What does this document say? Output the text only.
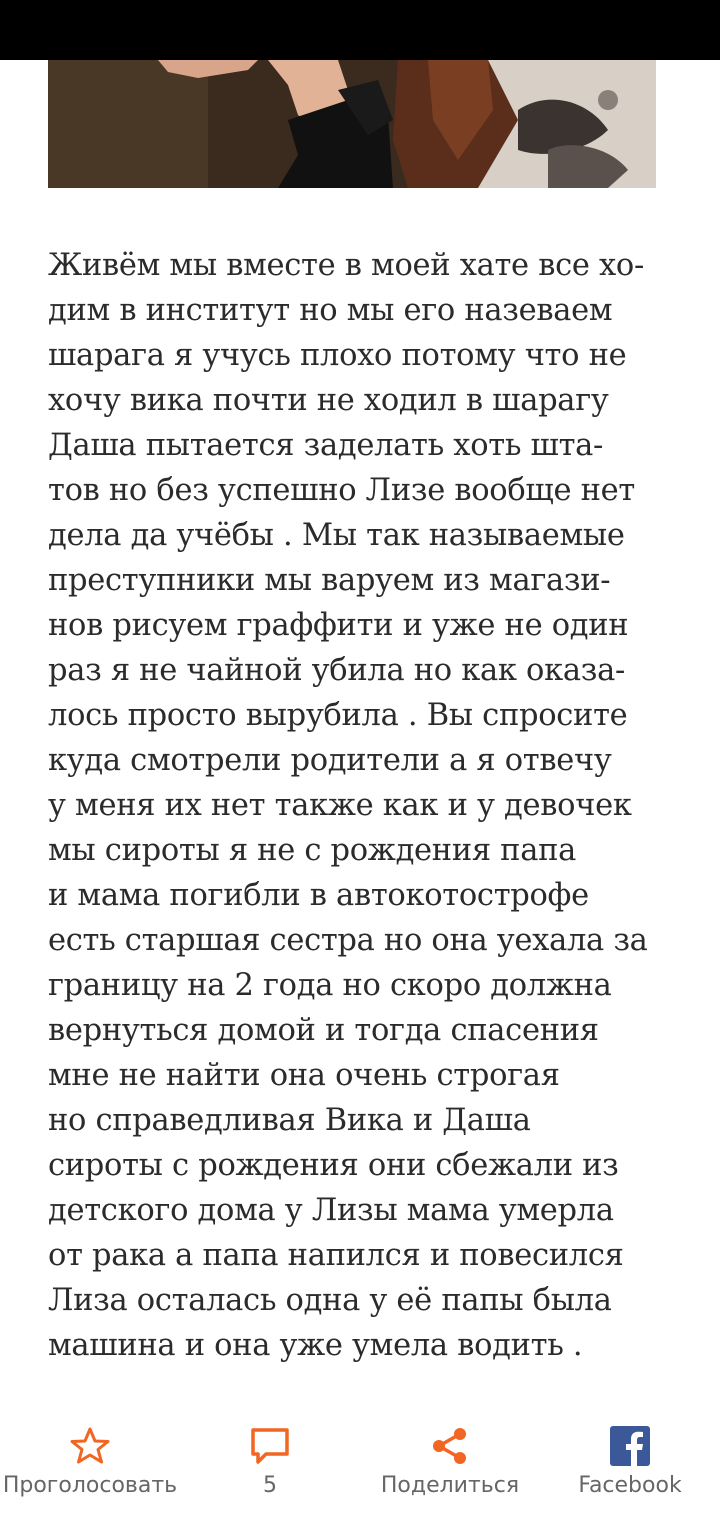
Живём мы вместе в моей хате все хо-
дим в институт но мы его назеваем
шарага я учусь плохо потому что не
хочу вика почти не ходил в шарагу
Даша пытается заделать хоть шта-
тов но без успешно Лизе вообще нет
дела да учёбы . Мы так называемые
преступники мы варуем из магази-
нов рисуем граффити и уже не один
раз я не чайной убила но как оказа-
лось просто вырубила . Вы спросите
куда смотрели родители а я отвечу
у меня их нет также как и у девочек
мы сироты я не с рождения папа
и мама погибли в автокотострофе
есть старшая сестра но она уехала за
границу на 2 года но скоро должна
вернуться домой и тогда спасения
мне не найти она очень строгая
но справедливая Вика и Даша
сироты с рождения они сбежали из
детского дома у Лизы мама умерла
от рака а папа напился и повесился
Лиза осталась одна у её папы была
машина и она уже умела водить .
Проголосовать	5	Поделиться	Facebook
